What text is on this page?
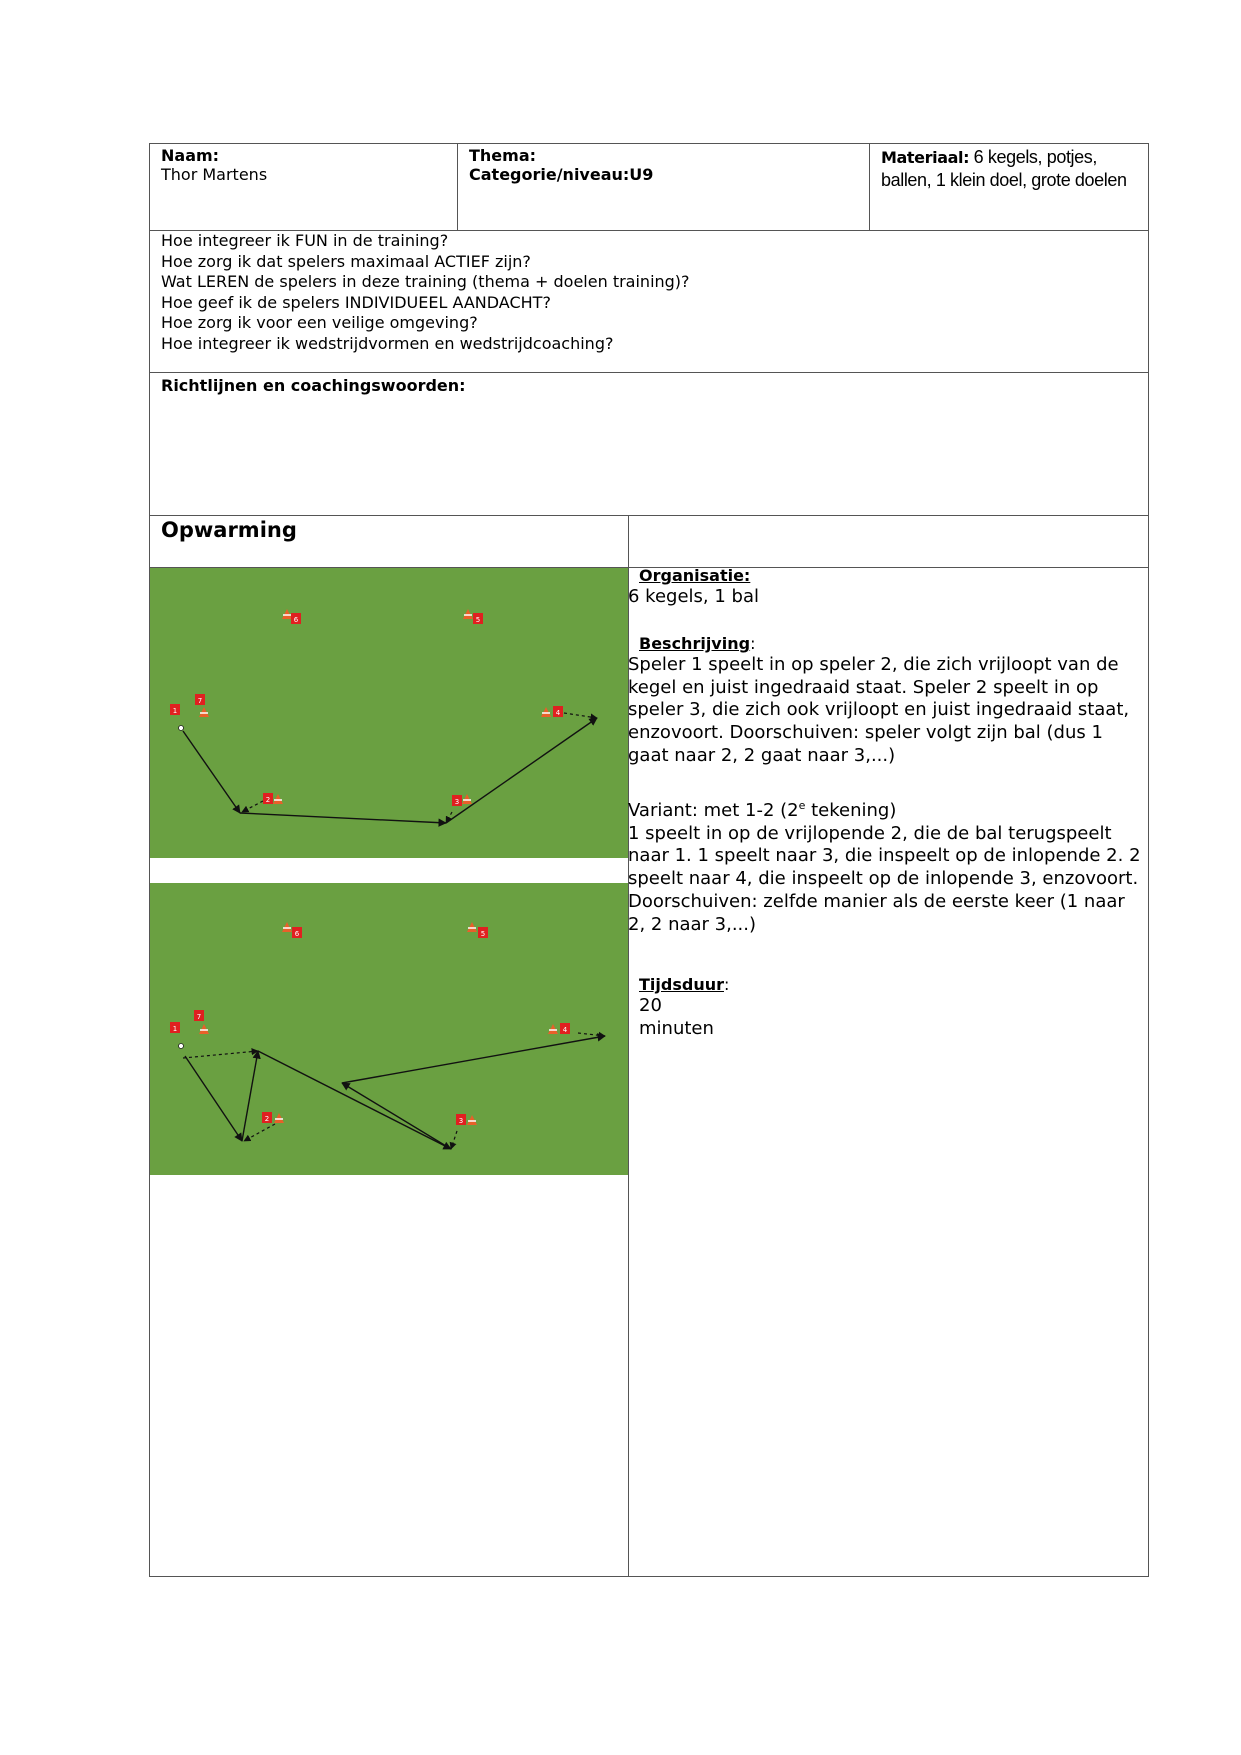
Naam:
Thor Martens
Thema:
Categorie/niveau:U9
Materiaal: 6 kegels, potjes, ballen, 1 klein doel, grote doelen
Hoe integreer ik FUN in de training?
Hoe zorg ik dat spelers maximaal ACTIEF zijn?
Wat LEREN de spelers in deze training (thema + doelen training)?
Hoe geef ik de spelers INDIVIDUEEL AANDACHT?
Hoe zorg ik voor een veilige omgeving?
Hoe integreer ik wedstrijdvormen en wedstrijdcoaching?
Richtlijnen en coachingswoorden:
Opwarming
6	5
7
1	4
2	3
6	5
7
1	4
2	3
Organisatie:
6 kegels, 1 bal
Beschrijving:
Speler 1 speelt in op speler 2, die zich vrijloopt van de kegel en juist ingedraaid staat. Speler 2 speelt in op speler 3, die zich ook vrijloopt en juist ingedraaid staat, enzovoort. Doorschuiven: speler volgt zijn bal (dus 1 gaat naar 2, 2 gaat naar 3,...)
Variant: met 1-2 (2e tekening)
1 speelt in op de vrijlopende 2, die de bal terugspeelt naar 1. 1 speelt naar 3, die inspeelt op de inlopende 2. 2 speelt naar 4, die inspeelt op de inlopende 3, enzovoort. Doorschuiven: zelfde manier als de eerste keer (1 naar 2, 2 naar 3,...)
Tijdsduur:
20
minuten
